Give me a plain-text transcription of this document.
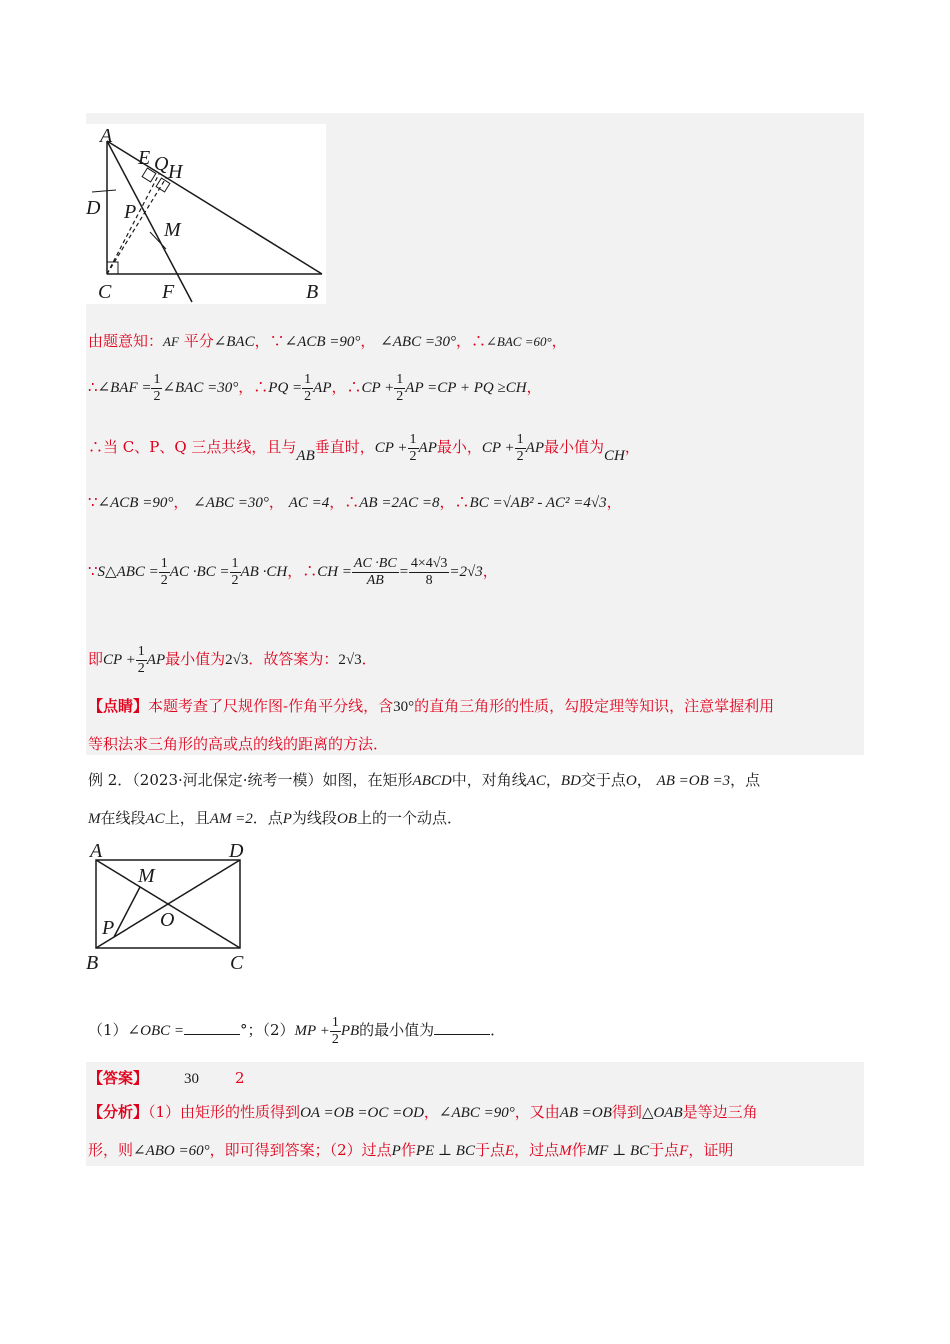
A
E Q H
D P
M
C	F	B
由题意知：AF 平分∠BAC，∵∠ACB =90°， ∠ABC =30°，∴∠BAC =60°，
∴∠BAF = $\frac{1}{2}$ ∠BAC =30°，∴PQ = $\frac{1}{2}$ AP，∴CP + $\frac{1}{2}$ AP =CP + PQ ≥CH，
∴当 C、P、Q 三点共线，且与AB垂直时，CP + $\frac{1}{2}$ AP最小，CP + $\frac{1}{2}$ AP最小值为CH，
∵∠ACB =90°， ∠ABC =30°， AC =4，∴AB =2AC =8，∴BC =√AB² - AC² =4√3，
∵S△ABC = $\frac{1}{2}$ AC $\cdot BC = \frac{1}{2}$ AB ·CH，∴CH = $\frac{AC \cdot BC}{AB} = \frac{4\times 4√3}{8} =2√3$，
即CP + $\frac{1}{2}$ AP最小值为2√3．故答案为：2√3．
【点睛】本题考查了尺规作图-作角平分线，含30°的直角三角形的性质，勾股定理等知识，注意掌握利用
等积法求三角形的高或点的线的距离的方法．
例 2．（2023·河北保定·统考一模）如图，在矩形ABCD中，对角线AC，BD交于点O， AB =OB =3，点
M在线段AC上，且AM =2．点P为线段OB上的一个动点．
A	D
M
O
P
B	C
（1）∠OBC =	°；$(2)MP + \frac{1}{2}$ PB的最小值为	．
【答案】 30 2
【分析】（1）由矩形的性质得到OA =OB =OC =OD，∠ABC =90°，又由AB =OB得到△OAB是等边三角
形，则∠ABO =60°，即可得到答案；（2）过点P作PE ⊥ BC于点E，过点M作MF ⊥ BC于点F，证明
